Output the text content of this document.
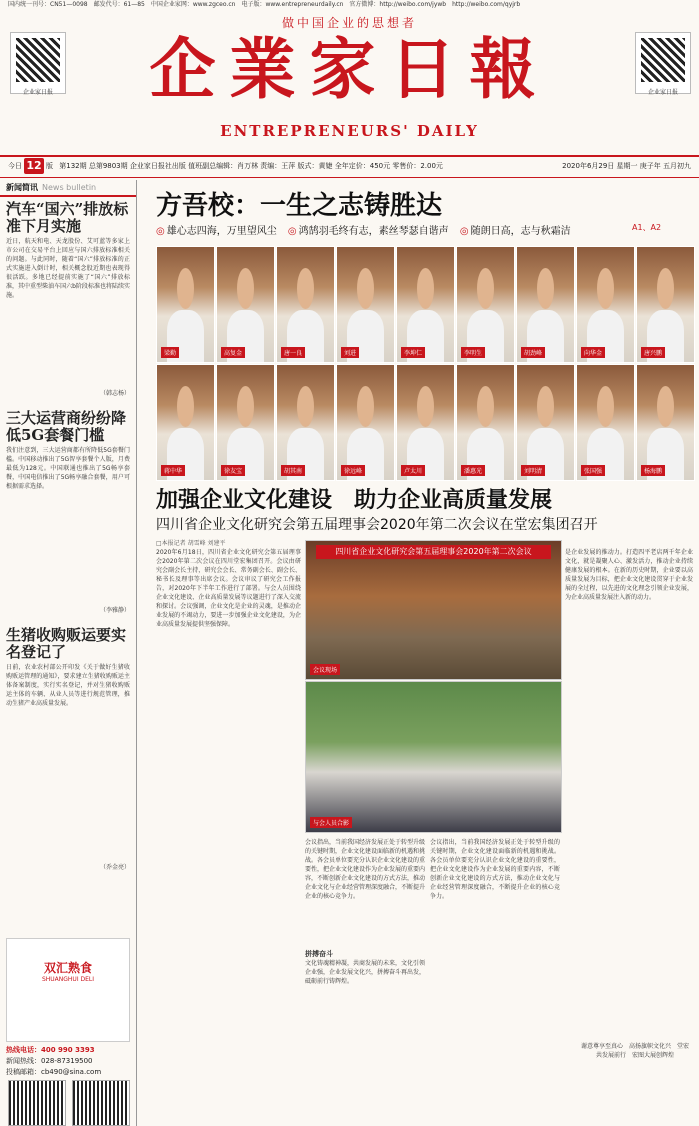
国内统一刊号：CN51—0098　邮发代号：61—85　中国企业家网：www.zgceo.cn　电子版：www.entrepreneurdaily.cn　官方微博：http://weibo.com/jywb　http://weibo.com/qyjrb
企业家日报	企业家日报
做中国企业的思想者
企業家日報
ENTREPRENEURS' DAILY
今日 12 版 第132期 总第9803期 企业家日报社出版 值班副总编辑：肖万林 责编：王萍 版式：黄婕 全年定价：450元 零售价：2.00元	2020年6月29日 星期一 庚子年 五月初九
新闻简讯 News bulletin
汽车“国六”排放标准下月实施
近日，航天和电、天龙股份、艾可蓝等多家上市公司在交易平台上回应与国六排放标准相关的问题。与此同时，随着“国六”排放标准的正式实施进入倒计时，相关概念股近期也表现得很活跃。多地已经提前实施了“国六”排放标准，其中重型柴油车国六b阶段标准也将陆续实施。
（韩志杨）
三大运营商纷纷降低5G套餐门槛
我们注意到，三大运营商都有所降低5G套餐门槛。中国移动推出了5G智享套餐个人版，月费最低为128元。中国联通也推出了5G畅享套餐，中国电信推出了5G畅享融合套餐，用户可根据需求选择。
（李雅静）
生猪收购贩运要实名登记了
日前，农业农村部公开印发《关于做好生猪收购贩运管理的通知》，要求建立生猪收购贩运主体备案制度，实行实名登记，并对生猪收购贩运主体的车辆、从业人员等进行规范管理，推动生猪产业高质量发展。
（乔金亮）
双汇熟食
SHUANGHUI DELI
热线电话：400 990 3393
新闻热线：028-87319500
投稿邮箱：cb490@sina.com
方吾校：一生之志铸胜达
◎ 雄心志四海，万里望风尘 ◎ 鸿鹄羽毛终有志，素丝琴瑟自谐声 ◎ 随朗日高，志与秋霜洁	A1、A2
梁勤	高复金	唐一良	刘进	李坤仁	李明生	胡劲峰	向华金	唐兴鹏
蒋中华	徐友宝	胡其南	徐远峰	卢太川	潘惠光	刘明清	张国强	杨海鹏
加强企业文化建设　助力企业高质量发展
四川省企业文化研究会第五届理事会2020年第二次会议在堂宏集团召开
□本报记者 胡雪峰 刘建平
2020年6月18日，四川省企业文化研究会第五届理事会2020年第二次会议在四川堂宏集团召开。会议由研究会副会长主持，研究会会长、常务副会长、副会长、秘书长及理事等出席会议。会议审议了研究会工作报告，对2020年下半年工作进行了部署。与会人员围绕企业文化建设、企业高质量发展等议题进行了深入交流和探讨。会议强调，企业文化是企业的灵魂，是推动企业发展的不竭动力，要进一步加强企业文化建设，为企业高质量发展提供坚强保障。
会议指出，当前我国经济发展正处于转型升级的关键时期，企业文化建设面临新的机遇和挑战。各会员单位要充分认识企业文化建设的重要性，把企业文化建设作为企业发展的重要内容，不断创新企业文化建设的方式方法，推动企业文化与企业经营管理深度融合，不断提升企业的核心竞争力。
是企业发展的推动力。打造四平老店两千年企业文化，就是凝聚人心、激发活力，推动企业持续健康发展的根本。在新的历史时期，企业要以高质量发展为目标，把企业文化建设贯穿于企业发展的全过程，以先进的文化理念引领企业发展，为企业高质量发展注入新的动力。
四川省企业文化研究会第五届理事会2020年第二次会议
会议现场
与会人员合影
会议指出，当前我国经济发展正处于转型升级的关键时期，企业文化建设面临新的机遇和挑战。各会员单位要充分认识企业文化建设的重要性，把企业文化建设作为企业发展的重要内容，不断创新企业文化建设的方式方法，推动企业文化与企业经营管理深度融合，不断提升企业的核心竞争力。
拼搏奋斗
文化铸魂精神凝，共商发展的未来，文化引领企业强，企业发展文化兴，拼搏奋斗再出发，砥砺前行铸辉煌。
谢意尊享至真心　高扬旗帜文化兴　堂宏共发展前行　宏图大展创辉煌
